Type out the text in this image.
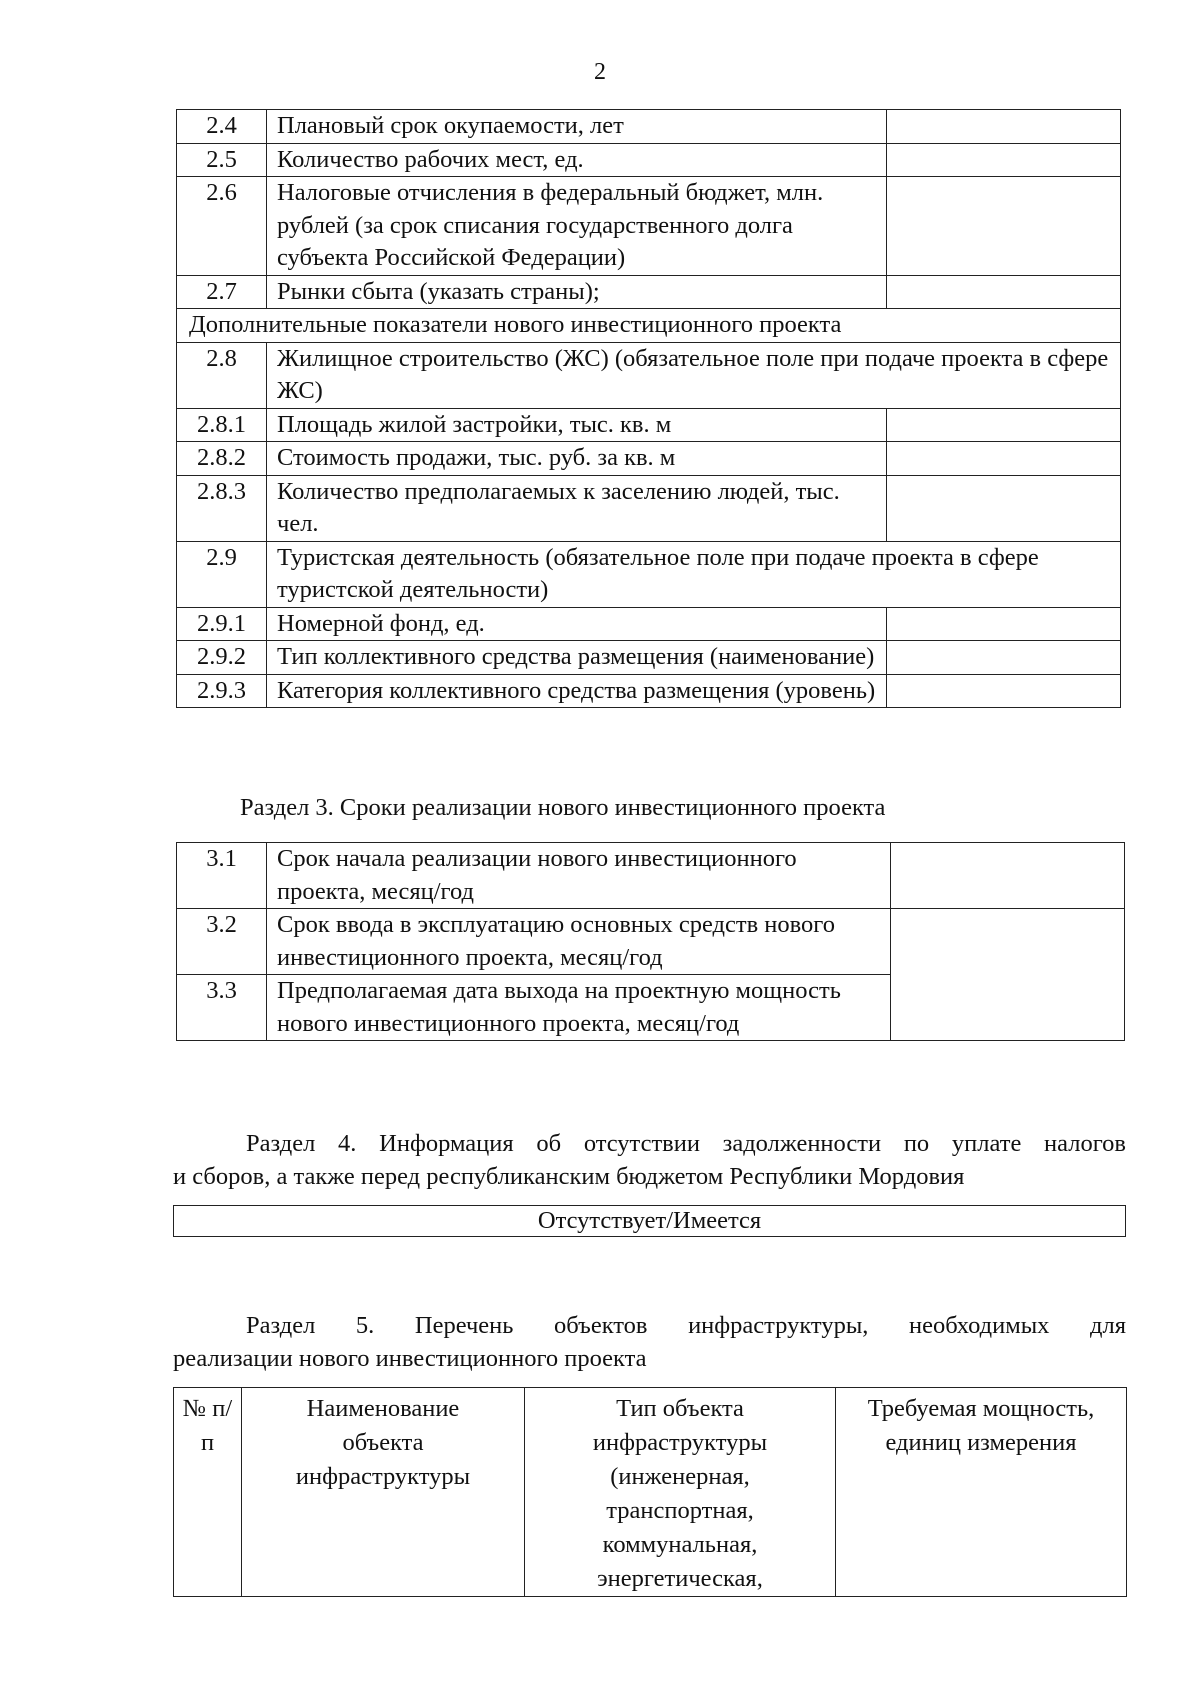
2
2.4	Плановый срок окупаемости, лет	
2.5	Количество рабочих мест, ед.	
2.6	Налоговые отчисления в федеральный бюджет, млн. рублей (за срок списания государственного долга субъекта Российской Федерации)	
2.7	Рынки сбыта (указать страны);	
Дополнительные показатели нового инвестиционного проекта		
2.8	Жилищное строительство (ЖС) (обязательное поле при подаче проекта в сфере ЖС)	
2.8.1	Площадь жилой застройки, тыс. кв. м	
2.8.2	Стоимость продажи, тыс. руб. за кв. м	
2.8.3	Количество предполагаемых к заселению людей, тыс. чел.	
2.9	Туристская деятельность (обязательное поле при подаче проекта в сфере туристской деятельности)	
2.9.1	Номерной фонд, ед.	
2.9.2	Тип коллективного средства размещения (наименование)	
2.9.3	Категория коллективного средства размещения (уровень)	
Раздел 3. Сроки реализации нового инвестиционного проекта
3.1	Срок начала реализации нового инвестиционного проекта, месяц/год	
3.2	Срок ввода в эксплуатацию основных средств нового инвестиционного проекта, месяц/год	
3.3	Предполагаемая дата выхода на проектную мощность нового инвестиционного проекта, месяц/год	
Раздел 4. Информация об отсутствии задолженности по уплате налогов
и сборов, а также перед республиканским бюджетом Республики Мордовия
Отсутствует/Имеется
Раздел 5. Перечень объектов инфраструктуры, необходимых для
реализации нового инвестиционного проекта
№ п/п	Наименование объекта инфраструктуры	Тип объекта инфраструктуры (инженерная, транспортная, коммунальная, энергетическая,	Требуемая мощность, единиц измерения
